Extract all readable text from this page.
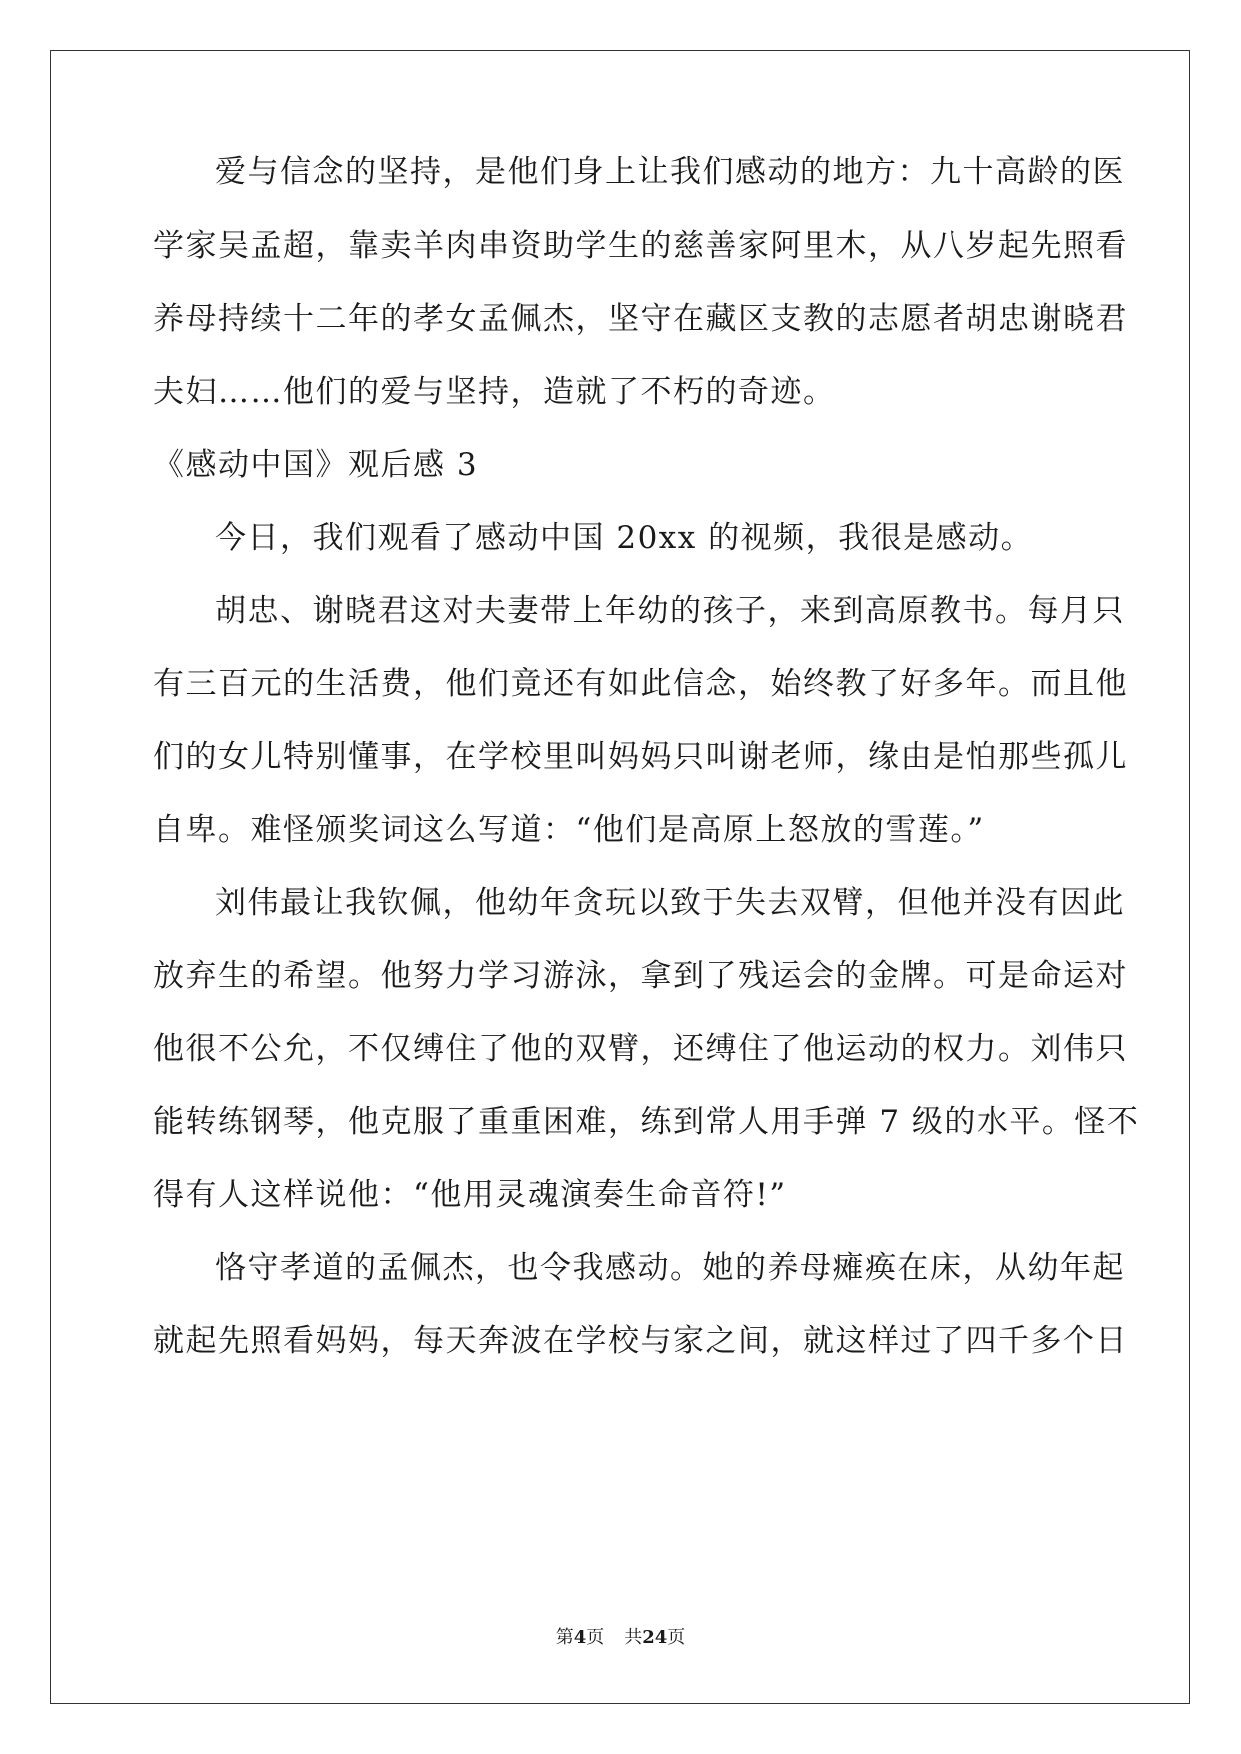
爱与信念的坚持，是他们身上让我们感动的地方：九十高龄的医
学家吴孟超，靠卖羊肉串资助学生的慈善家阿里木，从八岁起先照看
养母持续十二年的孝女孟佩杰，坚守在藏区支教的志愿者胡忠谢晓君
夫妇……他们的爱与坚持，造就了不朽的奇迹。
《感动中国》观后感 3
今日，我们观看了感动中国 20xx 的视频，我很是感动。
胡忠、谢晓君这对夫妻带上年幼的孩子，来到高原教书。每月只
有三百元的生活费，他们竟还有如此信念，始终教了好多年。而且他
们的女儿特别懂事，在学校里叫妈妈只叫谢老师，缘由是怕那些孤儿
自卑。难怪颁奖词这么写道：“他们是高原上怒放的雪莲。”
刘伟最让我钦佩，他幼年贪玩以致于失去双臂，但他并没有因此
放弃生的希望。他努力学习游泳，拿到了残运会的金牌。可是命运对
他很不公允，不仅缚住了他的双臂，还缚住了他运动的权力。刘伟只
能转练钢琴，他克服了重重困难，练到常人用手弹 7 级的水平。怪不
得有人这样说他：“他用灵魂演奏生命音符!”
恪守孝道的孟佩杰，也令我感动。她的养母瘫痪在床，从幼年起
就起先照看妈妈，每天奔波在学校与家之间，就这样过了四千多个日
第4页 共24页
